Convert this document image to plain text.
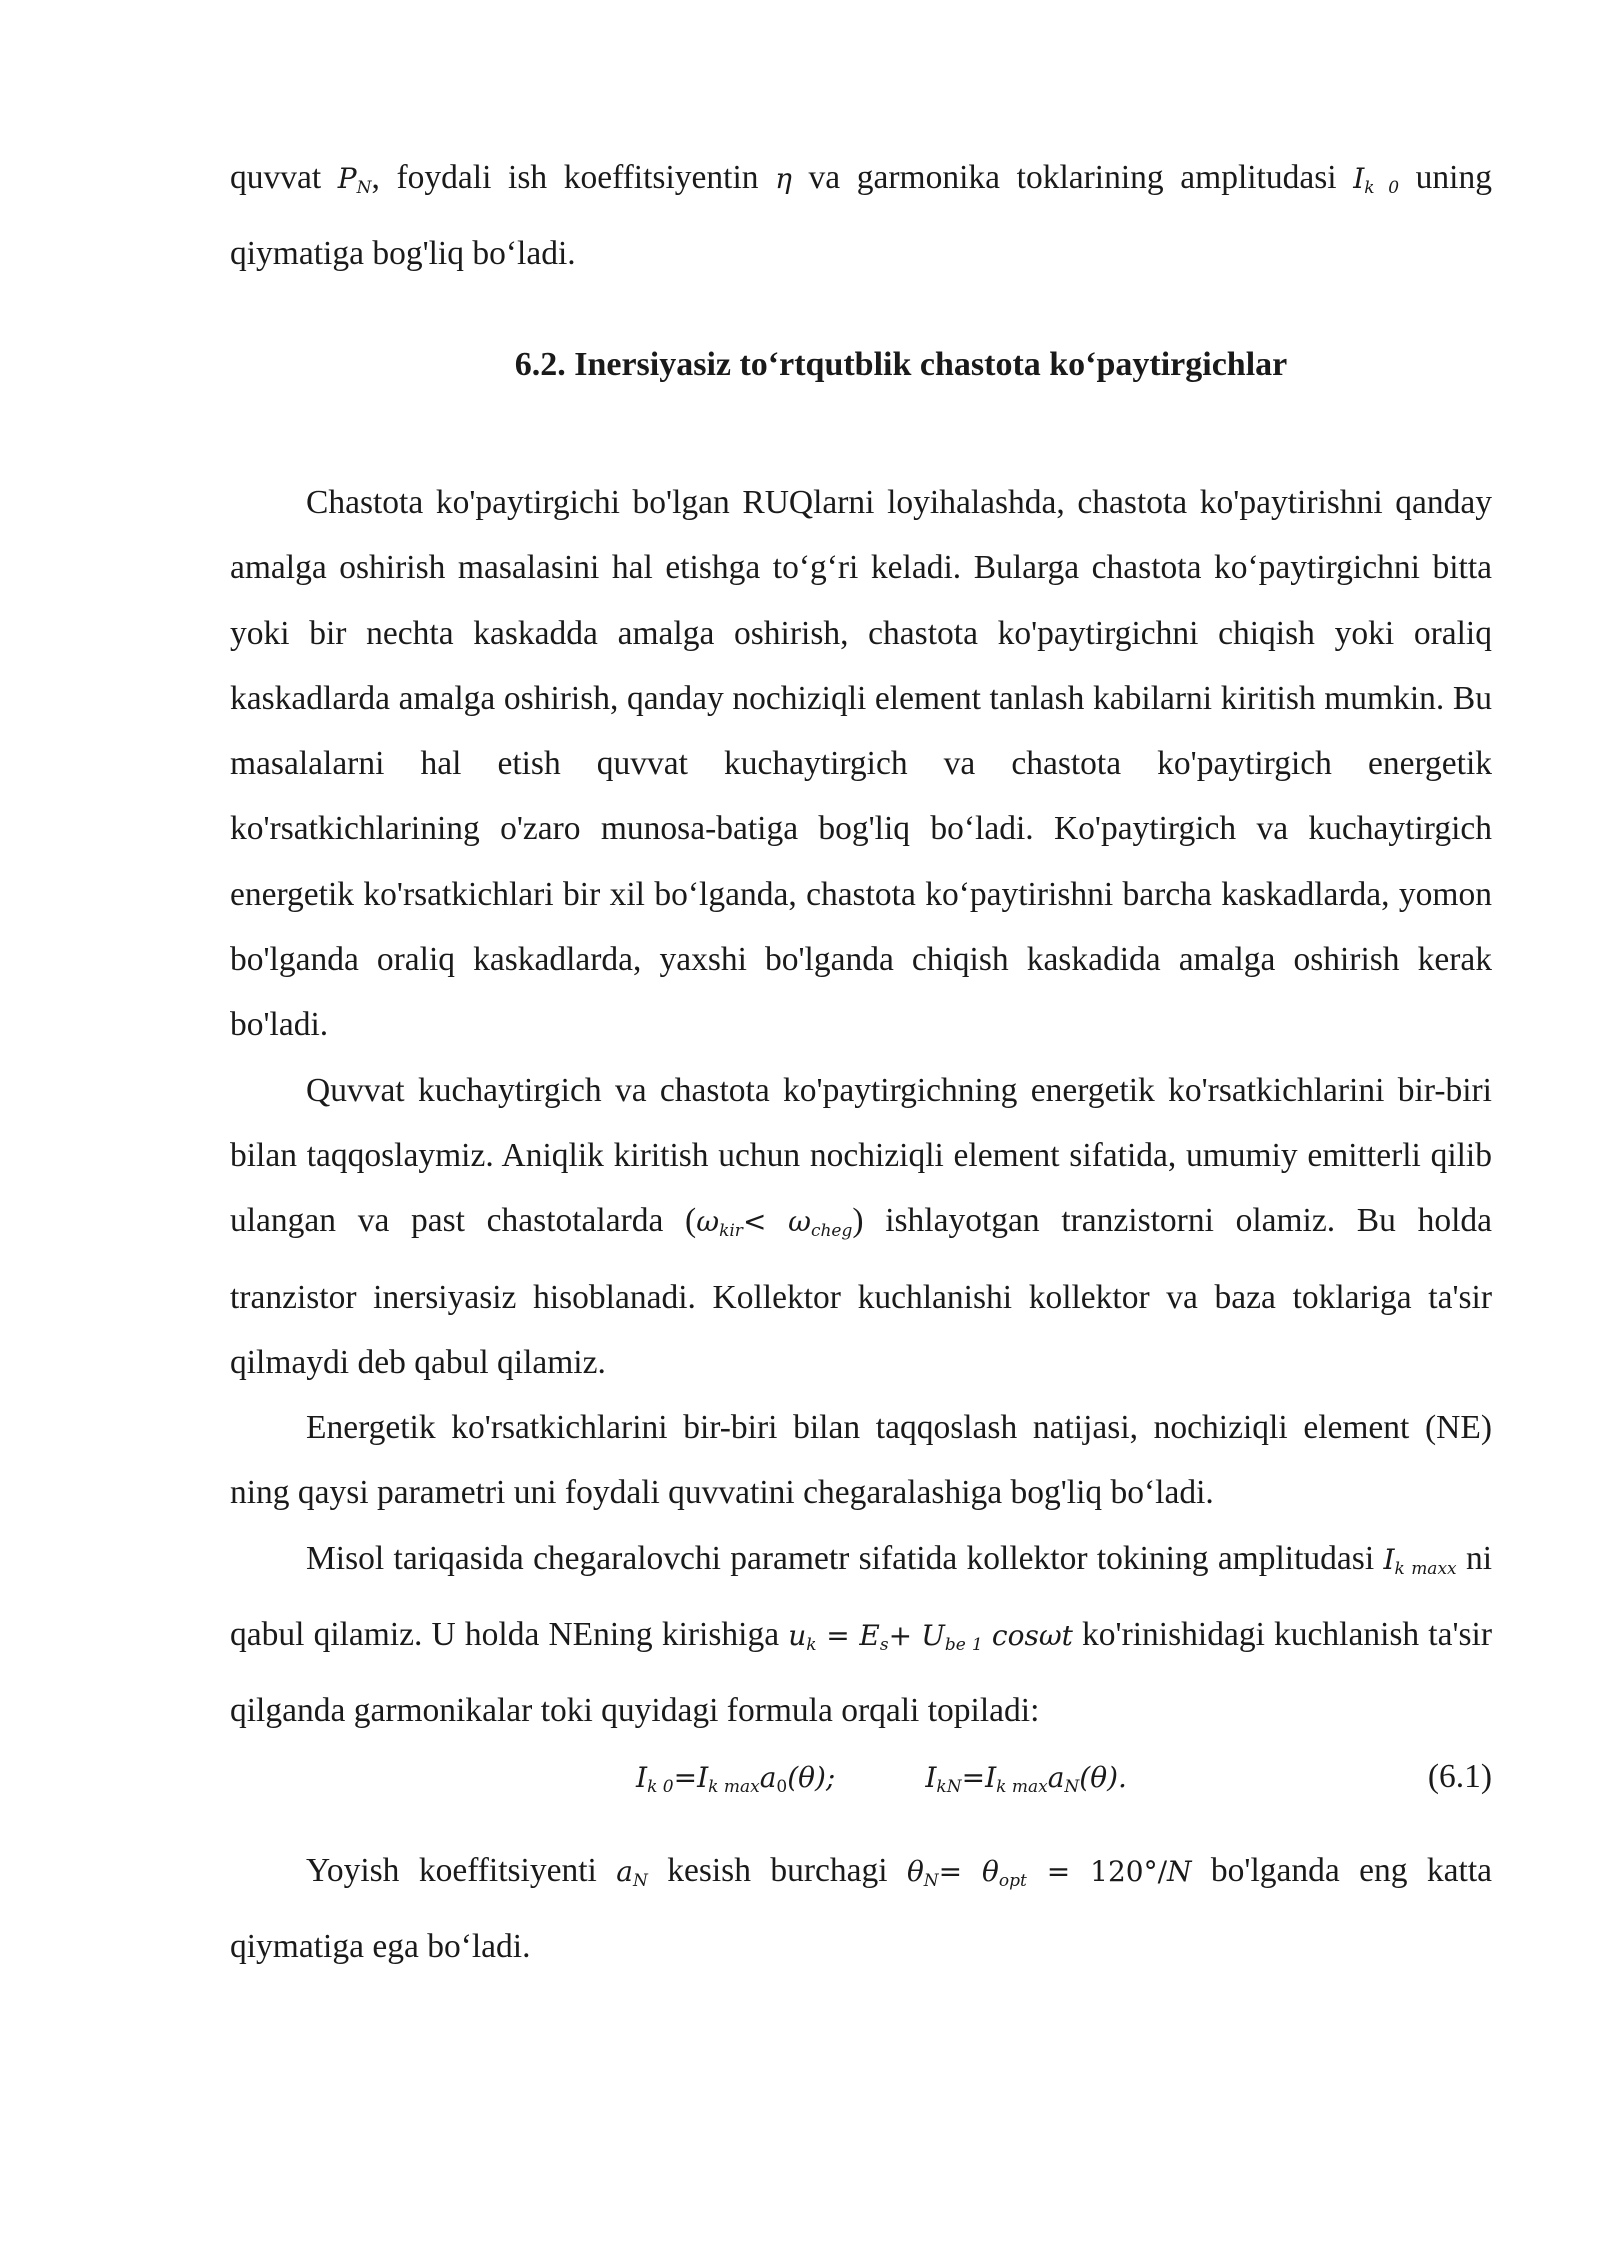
quvvat $P_N$, foydali ish koeffitsiyentin η va garmonika toklarining amplitudasi $I_{k 0}$ uning qiymatiga bog'liq bo‘ladi.

6.2. Inersiyasiz to‘rtqutblik chastota ko‘paytirgichlar

Chastota ko'paytirgichi bo'lgan RUQlarni loyihalashda, chastota ko'paytirishni qanday amalga oshirish masalasini hal etishga to‘g‘ri keladi. Bularga chastota ko‘paytirgichni bitta yoki bir nechta kaskadda amalga oshirish, chastota ko'paytirgichni chiqish yoki oraliq kaskadlarda amalga oshirish, qanday nochiziqli element tanlash kabilarni kiritish mumkin. Bu masalalarni hal etish quvvat kuchaytirgich va chastota ko'paytirgich energetik ko'rsatkichlarining o'zaro munosa-batiga bog'liq bo‘ladi. Ko'paytirgich va kuchaytirgich energetik ko'rsatkichlari bir xil bo‘lganda, chastota ko‘paytirishni barcha kaskadlarda, yomon bo'lganda oraliq kaskadlarda, yaxshi bo'lganda chiqish kaskadida amalga oshirish kerak bo'ladi.

Quvvat kuchaytirgich va chastota ko'paytirgichning energetik ko'rsatkichlarini bir-biri bilan taqqoslaymiz. Aniqlik kiritish uchun nochiziqli element sifatida, umumiy emitterli qilib ulangan va past chastotalarda $(\omega_{kir}< \omega_{cheg})$ ishlayotgan tranzistorni olamiz. Bu holda tranzistor inersiyasiz hisoblanadi. Kollektor kuchlanishi kollektor va baza toklariga ta'sir qilmaydi deb qabul qilamiz.

Energetik ko'rsatkichlarini bir-biri bilan taqqoslash natijasi, nochiziqli element (NE) ning qaysi parametri uni foydali quvvatini chegaralashiga bog'liq bo‘ladi.

Misol tariqasida chegaralovchi parametr sifatida kollektor tokining amplitudasi $I_{k maxx}$ ni qabul qilamiz. U holda NEning kirishiga $u_k = E_s+ U_{be 1}$ cosωt ko'rinishidagi kuchlanish ta'sir qilganda garmonikalar toki quyidagi formula orqali topiladi:

$I_{k 0}=I_{k max}a0(\theta)$;	$I_{kN}=I_{k max}a_N(\theta)$.	(6.1)

Yoyish koeffitsiyenti $a_N$ kesish burchagi $\theta_N= \theta_{opt} = 120^\circ/N$ bo'lganda eng katta qiymatiga ega bo‘ladi.
